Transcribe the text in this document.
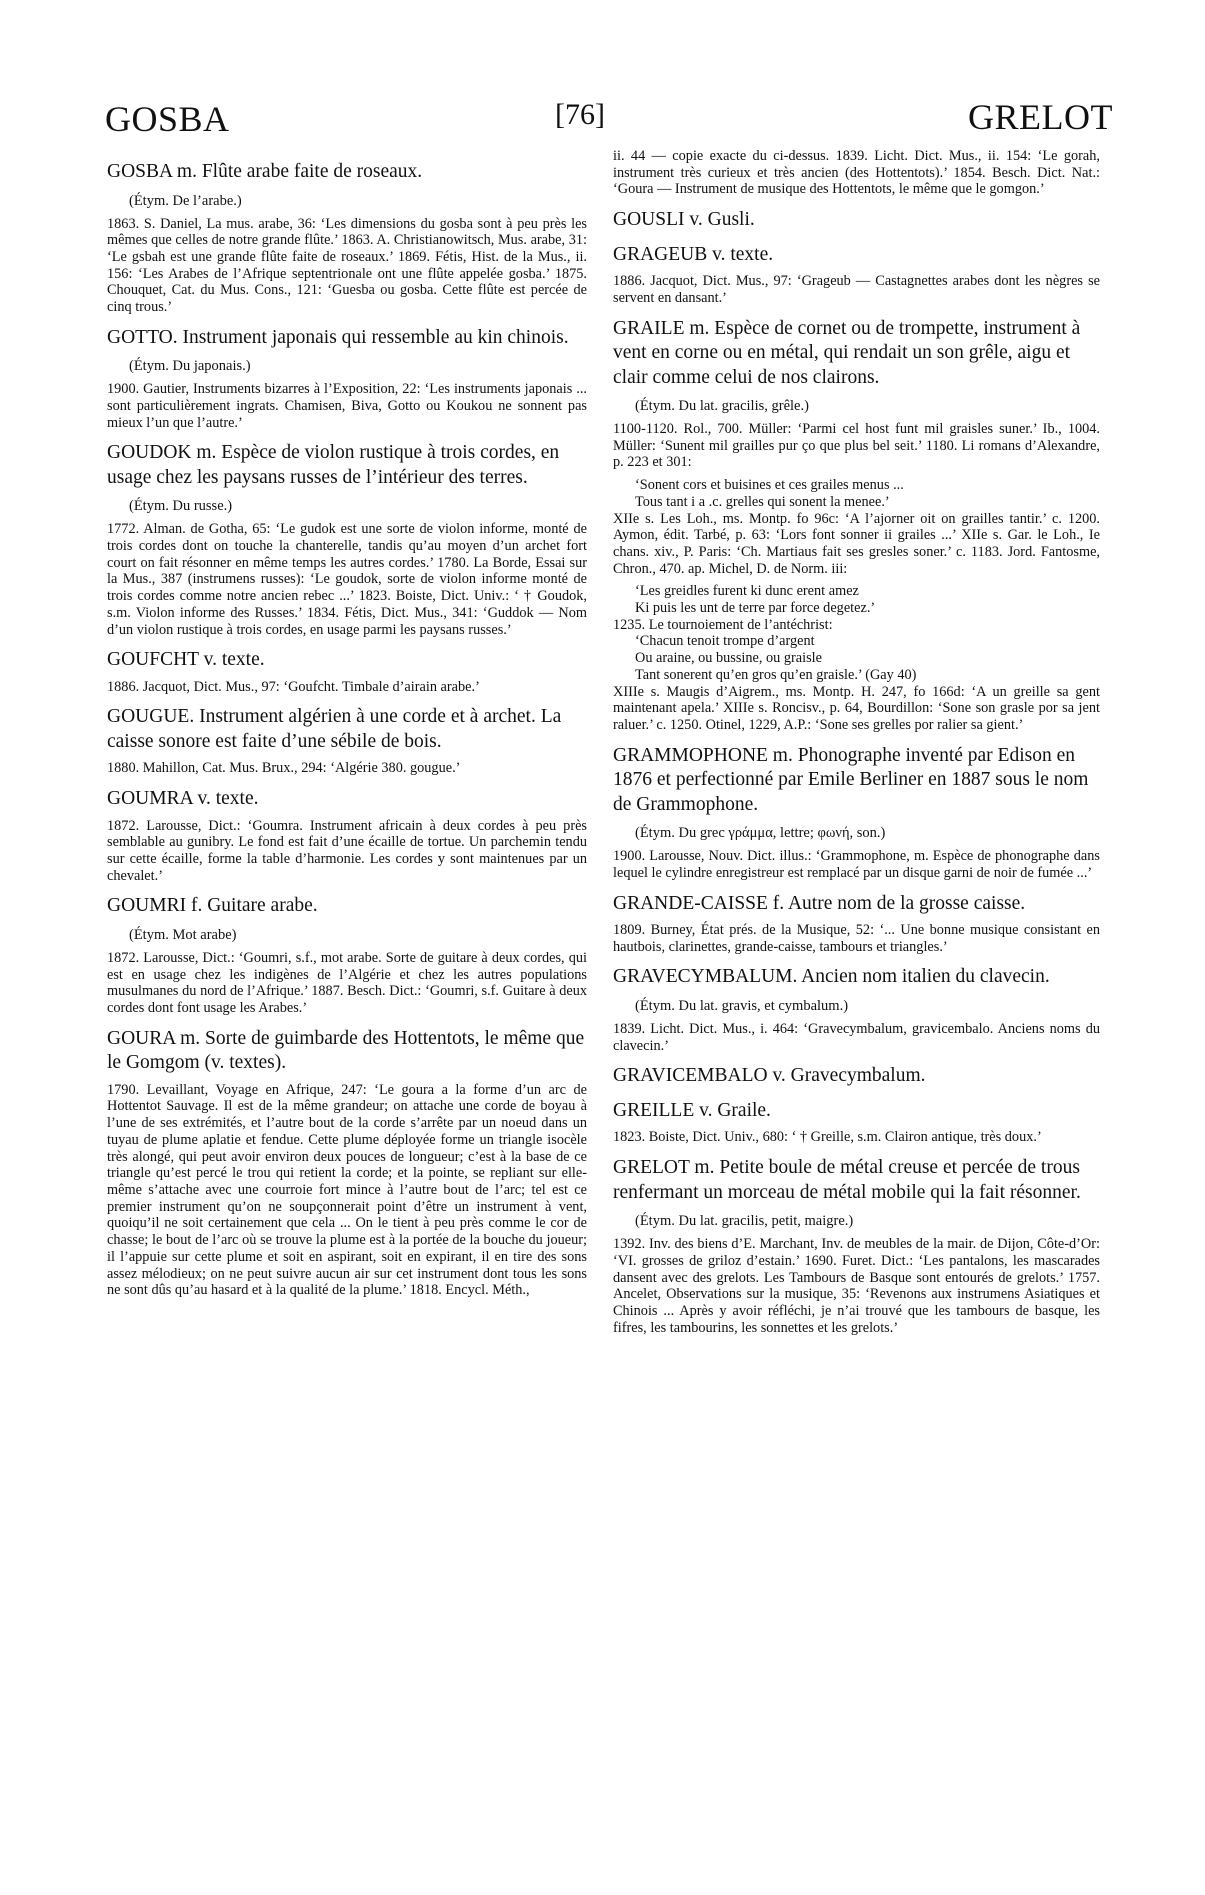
GOSBA	[76]	GRELOT

GOSBA m. Flûte arabe faite de roseaux.

(Étym. De l’arabe.)

1863. S. Daniel, La mus. arabe, 36: ‘Les dimensions du gosba sont à peu près les mêmes que celles de notre grande flûte.’ 1863. A. Christianowitsch, Mus. arabe, 31: ‘Le gsbah est une grande flûte faite de roseaux.’ 1869. Fétis, Hist. de la Mus., ii. 156: ‘Les Arabes de l’Afrique septentrionale ont une flûte appelée gosba.’ 1875. Chouquet, Cat. du Mus. Cons., 121: ‘Guesba ou gosba. Cette flûte est percée de cinq trous.’

GOTTO. Instrument japonais qui ressemble au kin chinois.

(Étym. Du japonais.)

1900. Gautier, Instruments bizarres à l’Exposition, 22: ‘Les instruments japonais ... sont particulièrement ingrats. Chamisen, Biva, Gotto ou Koukou ne sonnent pas mieux l’un que l’autre.’

GOUDOK m. Espèce de violon rustique à trois cordes, en usage chez les paysans russes de l’intérieur des terres.

(Étym. Du russe.)

1772. Alman. de Gotha, 65: ‘Le gudok est une sorte de violon informe, monté de trois cordes dont on touche la chanterelle, tandis qu’au moyen d’un archet fort court on fait résonner en même temps les autres cordes.’ 1780. La Borde, Essai sur la Mus., 387 (instrumens russes): ‘Le goudok, sorte de violon informe monté de trois cordes comme notre ancien rebec ...’ 1823. Boiste, Dict. Univ.: ‘ † Goudok, s.m. Violon informe des Russes.’ 1834. Fétis, Dict. Mus., 341: ‘Guddok — Nom d’un violon rustique à trois cordes, en usage parmi les paysans russes.’

GOUFCHT v. texte.

1886. Jacquot, Dict. Mus., 97: ‘Goufcht. Timbale d’airain arabe.’

GOUGUE. Instrument algérien à une corde et à archet. La caisse sonore est faite d’une sébile de bois.

1880. Mahillon, Cat. Mus. Brux., 294: ‘Algérie 380. gougue.’

GOUMRA v. texte.

1872. Larousse, Dict.: ‘Goumra. Instrument africain à deux cordes à peu près semblable au gunibry. Le fond est fait d’une écaille de tortue. Un parchemin tendu sur cette écaille, forme la table d’harmonie. Les cordes y sont maintenues par un chevalet.’

GOUMRI f. Guitare arabe.

(Étym. Mot arabe)

1872. Larousse, Dict.: ‘Goumri, s.f., mot arabe. Sorte de guitare à deux cordes, qui est en usage chez les indigènes de l’Algérie et chez les autres populations musulmanes du nord de l’Afrique.’ 1887. Besch. Dict.: ‘Goumri, s.f. Guitare à deux cordes dont font usage les Arabes.’

GOURA m. Sorte de guimbarde des Hottentots, le même que le Gomgom (v. textes).

1790. Levaillant, Voyage en Afrique, 247: ‘Le goura a la forme d’un arc de Hottentot Sauvage. Il est de la même grandeur; on attache une corde de boyau à l’une de ses extrémités, et l’autre bout de la corde s’arrête par un noeud dans un tuyau de plume aplatie et fendue. Cette plume déployée forme un triangle isocèle très alongé, qui peut avoir environ deux pouces de longueur; c’est à la base de ce triangle qu’est percé le trou qui retient la corde; et la pointe, se repliant sur elle-même s’attache avec une courroie fort mince à l’autre bout de l’arc; tel est ce premier instrument qu’on ne soupçonnerait point d’être un instrument à vent, quoiqu’il ne soit certainement que cela ... On le tient à peu près comme le cor de chasse; le bout de l’arc où se trouve la plume est à la portée de la bouche du joueur; il l’appuie sur cette plume et soit en aspirant, soit en expirant, il en tire des sons assez mélodieux; on ne peut suivre aucun air sur cet instrument dont tous les sons ne sont dûs qu’au hasard et à la qualité de la plume.’ 1818. Encycl. Méth.,

ii. 44 — copie exacte du ci-dessus. 1839. Licht. Dict. Mus., ii. 154: ‘Le gorah, instrument très curieux et très ancien (des Hottentots).’ 1854. Besch. Dict. Nat.: ‘Goura — Instrument de musique des Hottentots, le même que le gomgon.’

GOUSLI v. Gusli.

GRAGEUB v. texte.

1886. Jacquot, Dict. Mus., 97: ‘Grageub — Castagnettes arabes dont les nègres se servent en dansant.’

GRAILE m. Espèce de cornet ou de trompette, instrument à vent en corne ou en métal, qui rendait un son grêle, aigu et clair comme celui de nos clairons.

(Étym. Du lat. gracilis, grêle.)

1100-1120. Rol., 700. Müller: ‘Parmi cel host funt mil graisles suner.’ Ib., 1004. Müller: ‘Sunent mil grailles pur ço que plus bel seit.’ 1180. Li romans d’Alexandre, p. 223 et 301:

‘Sonent cors et buisines et ces grailes menus ...
Tous tant i a .c. grelles qui sonent la menee.’

XIIe s. Les Loh., ms. Montp. fo 96c: ‘A l’ajorner oit on grailles tantir.’ c. 1200. Aymon, édit. Tarbé, p. 63: ‘Lors font sonner ii grailes ...’ XIIe s. Gar. le Loh., Ie chans. xiv., P. Paris: ‘Ch. Martiaus fait ses gresles soner.’ c. 1183. Jord. Fantosme, Chron., 470. ap. Michel, D. de Norm. iii:

‘Les greidles furent ki dunc erent amez
Ki puis les unt de terre par force degetez.’

1235. Le tournoiement de l’antéchrist:

‘Chacun tenoit trompe d’argent
Ou araine, ou bussine, ou graisle
Tant sonerent qu’en gros qu’en graisle.’ (Gay 40)

XIIIe s. Maugis d’Aigrem., ms. Montp. H. 247, fo 166d: ‘A un greille sa gent maintenant apela.’ XIIIe s. Roncisv., p. 64, Bourdillon: ‘Sone son grasle por sa jent raluer.’ c. 1250. Otinel, 1229, A.P.: ‘Sone ses grelles por ralier sa gient.’

GRAMMOPHONE m. Phonographe inventé par Edison en 1876 et perfectionné par Emile Berliner en 1887 sous le nom de Grammophone.

(Étym. Du grec γράμμα, lettre; φωνή, son.)

1900. Larousse, Nouv. Dict. illus.: ‘Grammophone, m. Espèce de phonographe dans lequel le cylindre enregistreur est remplacé par un disque garni de noir de fumée ...’

GRANDE-CAISSE f. Autre nom de la grosse caisse.

1809. Burney, État prés. de la Musique, 52: ‘... Une bonne musique consistant en hautbois, clarinettes, grande-caisse, tambours et triangles.’

GRAVECYMBALUM. Ancien nom italien du clavecin.

(Étym. Du lat. gravis, et cymbalum.)

1839. Licht. Dict. Mus., i. 464: ‘Gravecymbalum, gravicembalo. Anciens noms du clavecin.’

GRAVICEMBALO v. Gravecymbalum.

GREILLE v. Graile.

1823. Boiste, Dict. Univ., 680: ‘ † Greille, s.m. Clairon antique, très doux.’

GRELOT m. Petite boule de métal creuse et percée de trous renfermant un morceau de métal mobile qui la fait résonner.

(Étym. Du lat. gracilis, petit, maigre.)

1392. Inv. des biens d’E. Marchant, Inv. de meubles de la mair. de Dijon, Côte-d’Or: ‘VI. grosses de griloz d’estain.’ 1690. Furet. Dict.: ‘Les pantalons, les mascarades dansent avec des grelots. Les Tambours de Basque sont entourés de grelots.’ 1757. Ancelet, Observations sur la musique, 35: ‘Revenons aux instrumens Asiatiques et Chinois ... Après y avoir réfléchi, je n’ai trouvé que les tambours de basque, les fifres, les tambourins, les sonnettes et les grelots.’
